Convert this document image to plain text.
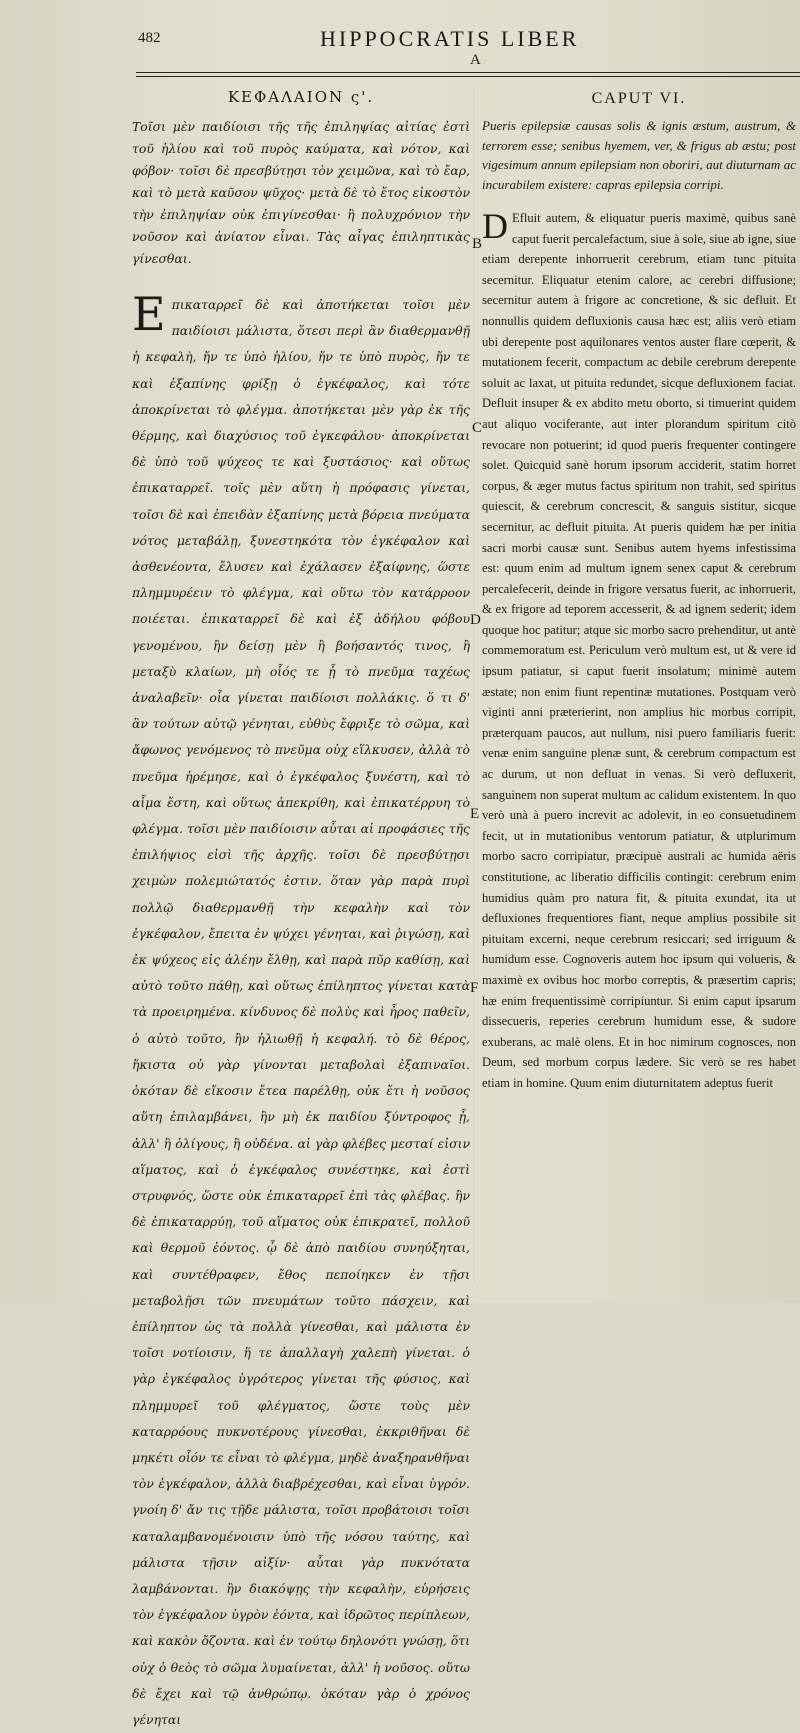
482	HIPPOCRATIS LIBER
A
ΚΕΦΑΛΑΙΟΝ ς'.

Τοῖσι μὲν παιδίοισι τῆς τῆς ἐπιληψίας αἰτίας ἐστὶ τοῦ ἡλίου καὶ τοῦ πυρὸς καύματα, καὶ νότον, καὶ φόβον· τοῖσι δὲ πρεσβύτῃσι τὸν χειμῶνα, καὶ τὸ ἔαρ, καὶ τὸ μετὰ καῦσον ψῦχος· μετὰ δὲ τὸ ἔτος εἰκοστὸν τὴν ἐπιληψίαν οὐκ ἐπιγίνεσθαι· ἢ πολυχρόνιον τὴν νοῦσον καὶ ἀνίατον εἶναι. Τὰς αἶγας ἐπιληπτικὰς γίνεσθαι.

Επικαταρρεῖ δὲ καὶ ἀποτήκεται τοῖσι μὲν παιδίοισι μάλιστα, ὅτεσι περὶ ἂν διαθερμανθῇ ἡ κεφαλὴ, ἤν τε ὑπὸ ἡλίου, ἤν τε ὑπὸ πυρὸς, ἤν τε καὶ ἐξαπίνης φρίξῃ ὁ ἐγκέφαλος, καὶ τότε ἀποκρίνεται τὸ φλέγμα. ἀποτήκεται μὲν γὰρ ἐκ τῆς θέρμης, καὶ διαχύσιος τοῦ ἐγκεφάλου· ἀποκρίνεται δὲ ὑπὸ τοῦ ψύχεος τε καὶ ξυστάσιος· καὶ οὕτως ἐπικαταρρεῖ. τοῖς μὲν αὕτη ἡ πρόφασις γίνεται, τοῖσι δὲ καὶ ἐπειδὰν ἐξαπίνης μετὰ βόρεια πνεύματα νότος μεταβάλῃ, ξυνεστηκότα τὸν ἐγκέφαλον καὶ ἀσθενέοντα, ἔλυσεν καὶ ἐχάλασεν ἐξαίφνης, ὥστε πλημμυρέειν τὸ φλέγμα, καὶ οὕτω τὸν κατάρροον ποιέεται. ἐπικαταρρεῖ δὲ καὶ ἐξ ἀδήλου φόβου γενομένου, ἢν δείσῃ μὲν ἢ βοήσαντός τινος, ἢ μεταξὺ κλαίων, μὴ οἷός τε ᾖ τὸ πνεῦμα ταχέως ἀναλαβεῖν· οἷα γίνεται παιδίοισι πολλάκις. ὅ τι δ' ἂν τούτων αὐτῷ γένηται, εὐθὺς ἔφριξε τὸ σῶμα, καὶ ἄφωνος γενόμενος τὸ πνεῦμα οὐχ εἵλκυσεν, ἀλλὰ τὸ πνεῦμα ἠρέμησε, καὶ ὁ ἐγκέφαλος ξυνέστη, καὶ τὸ αἷμα ἔστη, καὶ οὕτως ἀπεκρίθη, καὶ ἐπικατέρρυη τὸ φλέγμα. τοῖσι μὲν παιδίοισιν αὗται αἱ προφάσιες τῆς ἐπιλήψιος εἰσὶ τῆς ἀρχῆς. τοῖσι δὲ πρεσβύτῃσι χειμὼν πολεμιώτατός ἐστιν. ὅταν γὰρ παρὰ πυρὶ πολλῷ διαθερμανθῇ τὴν κεφαλὴν καὶ τὸν ἐγκέφαλον, ἔπειτα ἐν ψύχει γένηται, καὶ ῥιγώσῃ, καὶ ἐκ ψύχεος εἰς ἀλέην ἔλθῃ, καὶ παρὰ πῦρ καθίσῃ, καὶ αὐτὸ τοῦτο πάθῃ, καὶ οὕτως ἐπίληπτος γίνεται κατὰ τὰ προειρημένα. κίνδυνος δὲ πολὺς καὶ ἦρος παθεῖν, ὁ αὐτὸ τοῦτο, ἢν ἡλιωθῇ ἡ κεφαλή. τὸ δὲ θέρος, ἥκιστα οὐ γὰρ γίνονται μεταβολαὶ ἐξαπιναῖοι. ὁκόταν δὲ εἴκοσιν ἔτεα παρέλθῃ, οὐκ ἔτι ἡ νοῦσος αὕτη ἐπιλαμβάνει, ἢν μὴ ἐκ παιδίου ξύντροφος ᾖ, ἀλλ' ἢ ὀλίγους, ἢ οὐδένα. αἱ γὰρ φλέβες μεσταί εἰσιν αἵματος, καὶ ὁ ἐγκέφαλος συνέστηκε, καὶ ἐστὶ στρυφνός, ὥστε οὐκ ἐπικαταρρεῖ ἐπὶ τὰς φλέβας. ἢν δὲ ἐπικαταρρύῃ, τοῦ αἵματος οὐκ ἐπικρατεῖ, πολλοῦ καὶ θερμοῦ ἐόντος. ᾧ δὲ ἀπὸ παιδίου συνηύξηται, καὶ συντέθραφεν, ἔθος πεποίηκεν ἐν τῇσι μεταβολῇσι τῶν πνευμάτων τοῦτο πάσχειν, καὶ ἐπίληπτον ὡς τὰ πολλὰ γίνεσθαι, καὶ μάλιστα ἐν τοῖσι νοτίοισιν, ἥ τε ἀπαλλαγὴ χαλεπὴ γίνεται. ὁ γὰρ ἐγκέφαλος ὑγρότερος γίνεται τῆς φύσιος, καὶ πλημμυρεῖ τοῦ φλέγματος, ὥστε τοὺς μὲν καταρρόους πυκνοτέρους γίνεσθαι, ἐκκριθῆναι δὲ μηκέτι οἷόν τε εἶναι τὸ φλέγμα, μηδὲ ἀναξηρανθῆναι τὸν ἐγκέφαλον, ἀλλὰ διαβρέχεσθαι, καὶ εἶναι ὑγρόν. γνοίη δ' ἄν τις τῇδε μάλιστα, τοῖσι προβάτοισι τοῖσι καταλαμβανομένοισιν ὑπὸ τῆς νόσου ταύτης, καὶ μάλιστα τῇσιν αἰξίν· αὗται γὰρ πυκνότατα λαμβάνονται. ἢν διακόψῃς τὴν κεφαλὴν, εὑρήσεις τὸν ἐγκέφαλον ὑγρὸν ἐόντα, καὶ ἱδρῶτος περίπλεων, καὶ κακὸν ὄζοντα. καὶ ἐν τούτῳ δηλονότι γνώσῃ, ὅτι οὐχ ὁ θεὸς τὸ σῶμα λυμαίνεται, ἀλλ' ἡ νοῦσος. οὕτω δὲ ἔχει καὶ τῷ ἀνθρώπῳ. ὁκόταν γὰρ ὁ χρόνος γένηται

CAPUT VI.

Pueris epilepsiæ causas solis & ignis æstum, austrum, & terrorem esse; senibus hyemem, ver, & frigus ab æstu; post vigesimum annum epilepsiam non oboriri, aut diuturnam ac incurabilem existere: capras epilepsia corripi.

D Efluit autem, & eliquatur pueris maximè, quibus sanè caput fuerit percalefactum, siue à sole, siue ab igne, siue etiam derepente inhorruerit cerebrum, etiam tunc pituita secernitur. Eliquatur etenim calore, ac cerebri diffusione; secernitur autem à frigore ac concretione, & sic defluit. Et nonnullis quidem defluxionis causa hæc est; aliis verò etiam ubi derepente post aquilonares ventos auster flare cœperit, & mutationem fecerit, compactum ac debile cerebrum derepente soluit ac laxat, ut pituita redundet, sicque defluxionem faciat. Defluit insuper & ex abdito metu oborto, si timuerint quidem aut aliquo vociferante, aut inter plorandum spiritum citò revocare non potuerint; id quod pueris frequenter contingere solet. Quicquid sanè horum ipsorum acciderit, statim horret corpus, & æger mutus factus spiritum non trahit, sed spiritus quiescit, & cerebrum concrescit, & sanguis sistitur, sicque secernitur, ac defluit pituita. At pueris quidem hæ per initia sacri morbi causæ sunt. Senibus autem hyems infestissima est: quum enim ad multum ignem senex caput & cerebrum percalefecerit, deinde in frigore versatus fuerit, ac inhorruerit, & ex frigore ad teporem accesserit, & ad ignem sederit; idem quoque hoc patitur; atque sic morbo sacro prehenditur, ut antè commemoratum est. Periculum verò multum est, ut & vere id ipsum patiatur, si caput fuerit insolatum; minimè autem æstate; non enim fiunt repentinæ mutationes. Postquam verò viginti anni præterierint, non amplius hic morbus corripit, præterquam paucos, aut nullum, nisi puero familiaris fuerit: venæ enim sanguine plenæ sunt, & cerebrum compactum est ac durum, ut non defluat in venas. Si verò defluxerit, sanguinem non superat multum ac calidum existentem. In quo verò unà à puero increvit ac adolevit, in eo consuetudinem fecit, ut in mutationibus ventorum patiatur, & utplurimum morbo sacro corripiatur, præcipuè australi ac humida aëris constitutione, ac liberatio difficilis contingit: cerebrum enim humidius quàm pro natura fit, & pituita exundat, ita ut defluxiones frequentiores fiant, neque amplius possibile sit pituitam excerni, neque cerebrum resiccari; sed irriguum & humidum esse. Cognoveris autem hoc ipsum qui volueris, & maximè ex ovibus hoc morbo correptis, & præsertim capris; hæ enim frequentissimè corripiuntur. Si enim caput ipsarum dissecueris, reperies cerebrum humidum esse, & sudore exuberans, ac malè olens. Et in hoc nimirum cognosces, non Deum, sed morbum corpus lædere. Sic verò se res habet etiam in homine. Quum enim diuturnitatem adeptus fuerit

B
C
D
E
F
